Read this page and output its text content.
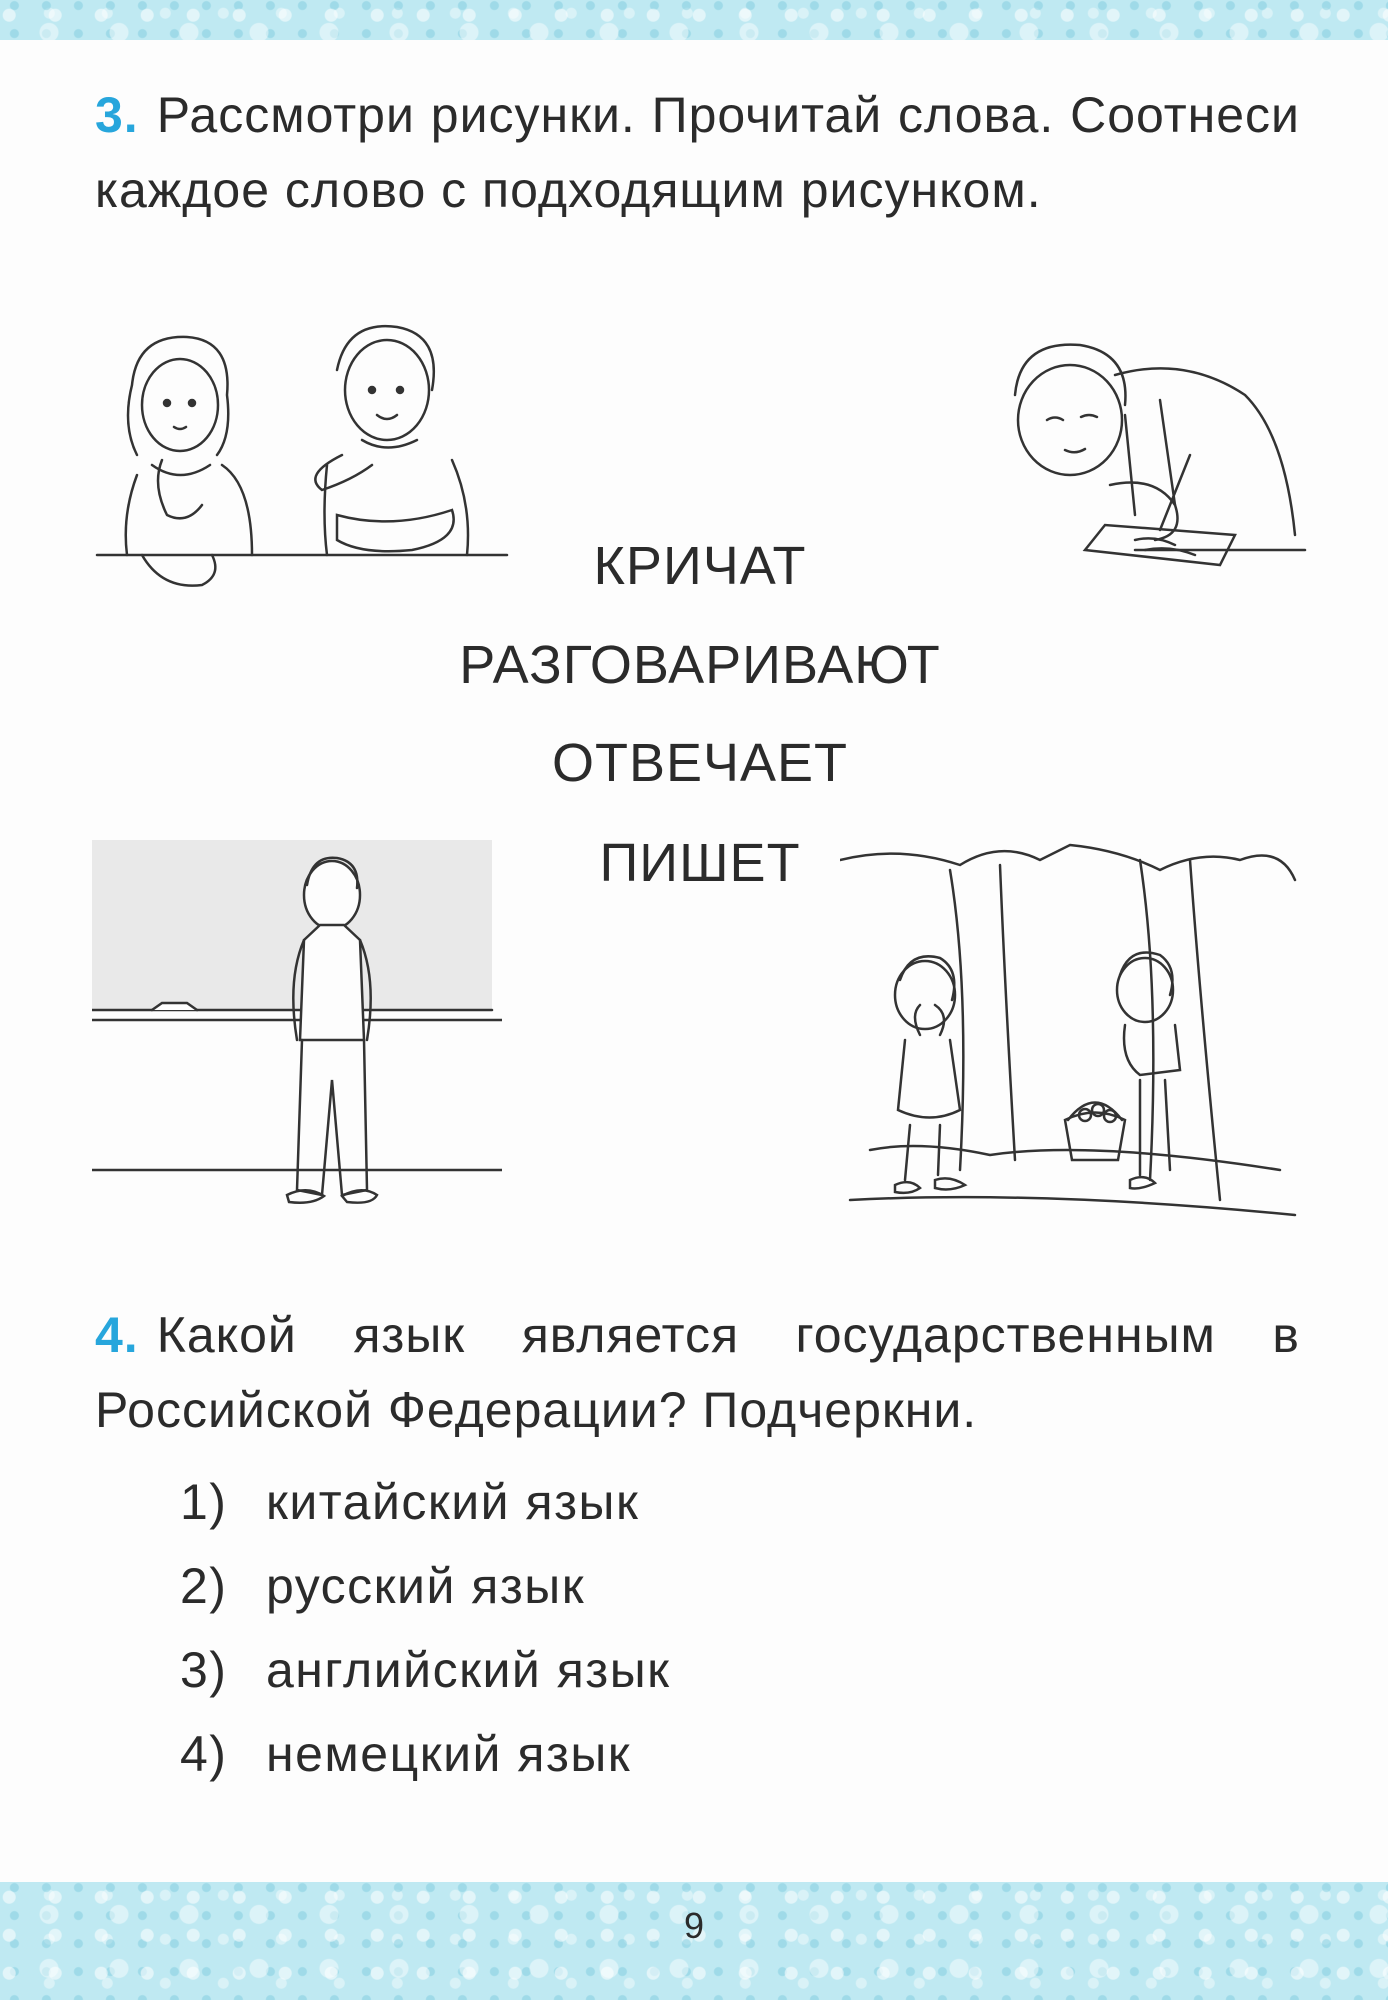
3. Рассмотри рисунки. Прочитай слова. Соотнеси каждое слово с подходящим рисунком.

КРИЧАТ
РАЗГОВАРИВАЮТ
ОТВЕЧАЕТ
ПИШЕТ

4. Какой язык является государственным в Российской Федерации? Подчеркни.

1) китайский язык
2) русский язык
3) английский язык
4) немецкий язык
9
